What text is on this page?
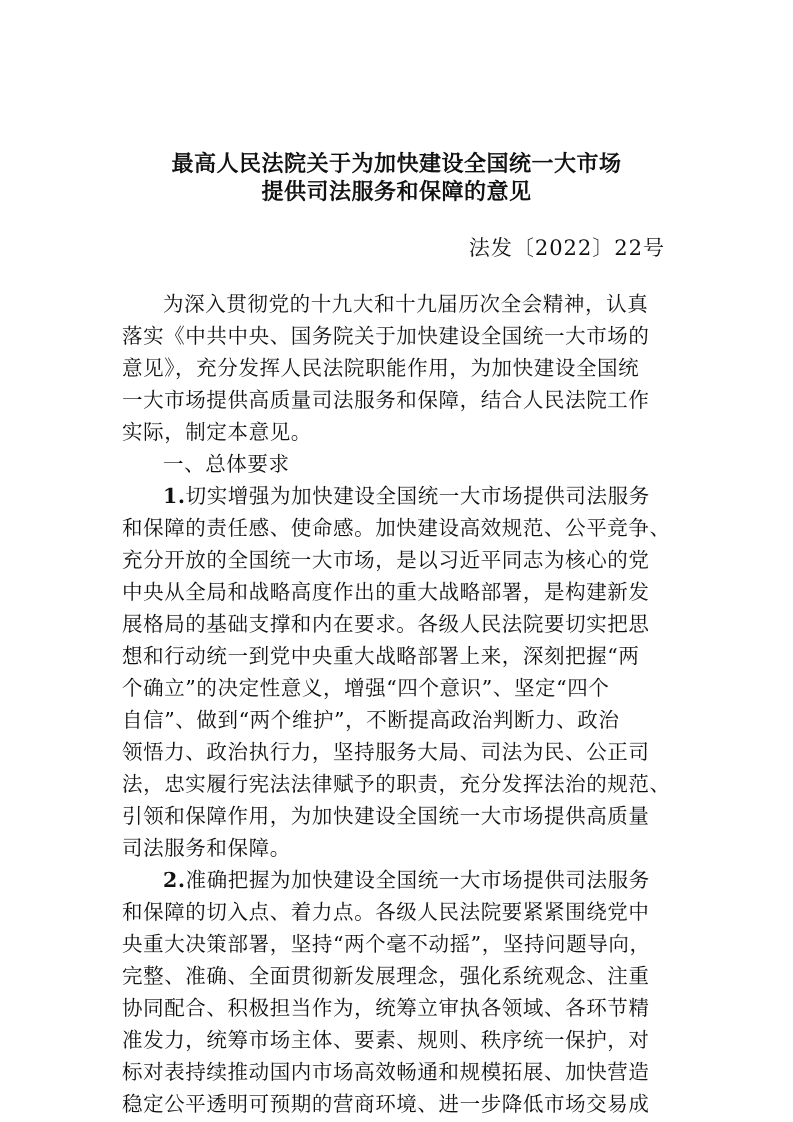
最高人民法院关于为加快建设全国统一大市场
提供司法服务和保障的意见
法发〔2022〕22号
为深入贯彻党的十九大和十九届历次全会精神，认真
落实《中共中央、国务院关于加快建设全国统一大市场的
意见》，充分发挥人民法院职能作用，为加快建设全国统
一大市场提供高质量司法服务和保障，结合人民法院工作
实际，制定本意见。
一、总体要求
1.切实增强为加快建设全国统一大市场提供司法服务
和保障的责任感、使命感。加快建设高效规范、公平竞争、
充分开放的全国统一大市场，是以习近平同志为核心的党
中央从全局和战略高度作出的重大战略部署，是构建新发
展格局的基础支撑和内在要求。各级人民法院要切实把思
想和行动统一到党中央重大战略部署上来，深刻把握“两
个确立”的决定性意义，增强“四个意识”、坚定“四个
自信”、做到“两个维护”，不断提高政治判断力、政治
领悟力、政治执行力，坚持服务大局、司法为民、公正司
法，忠实履行宪法法律赋予的职责，充分发挥法治的规范、
引领和保障作用，为加快建设全国统一大市场提供高质量
司法服务和保障。
2.准确把握为加快建设全国统一大市场提供司法服务
和保障的切入点、着力点。各级人民法院要紧紧围绕党中
央重大决策部署，坚持“两个毫不动摇”，坚持问题导向，
完整、准确、全面贯彻新发展理念，强化系统观念、注重
协同配合、积极担当作为，统筹立审执各领域、各环节精
准发力，统筹市场主体、要素、规则、秩序统一保护，对
标对表持续推动国内市场高效畅通和规模拓展、加快营造
稳定公平透明可预期的营商环境、进一步降低市场交易成
